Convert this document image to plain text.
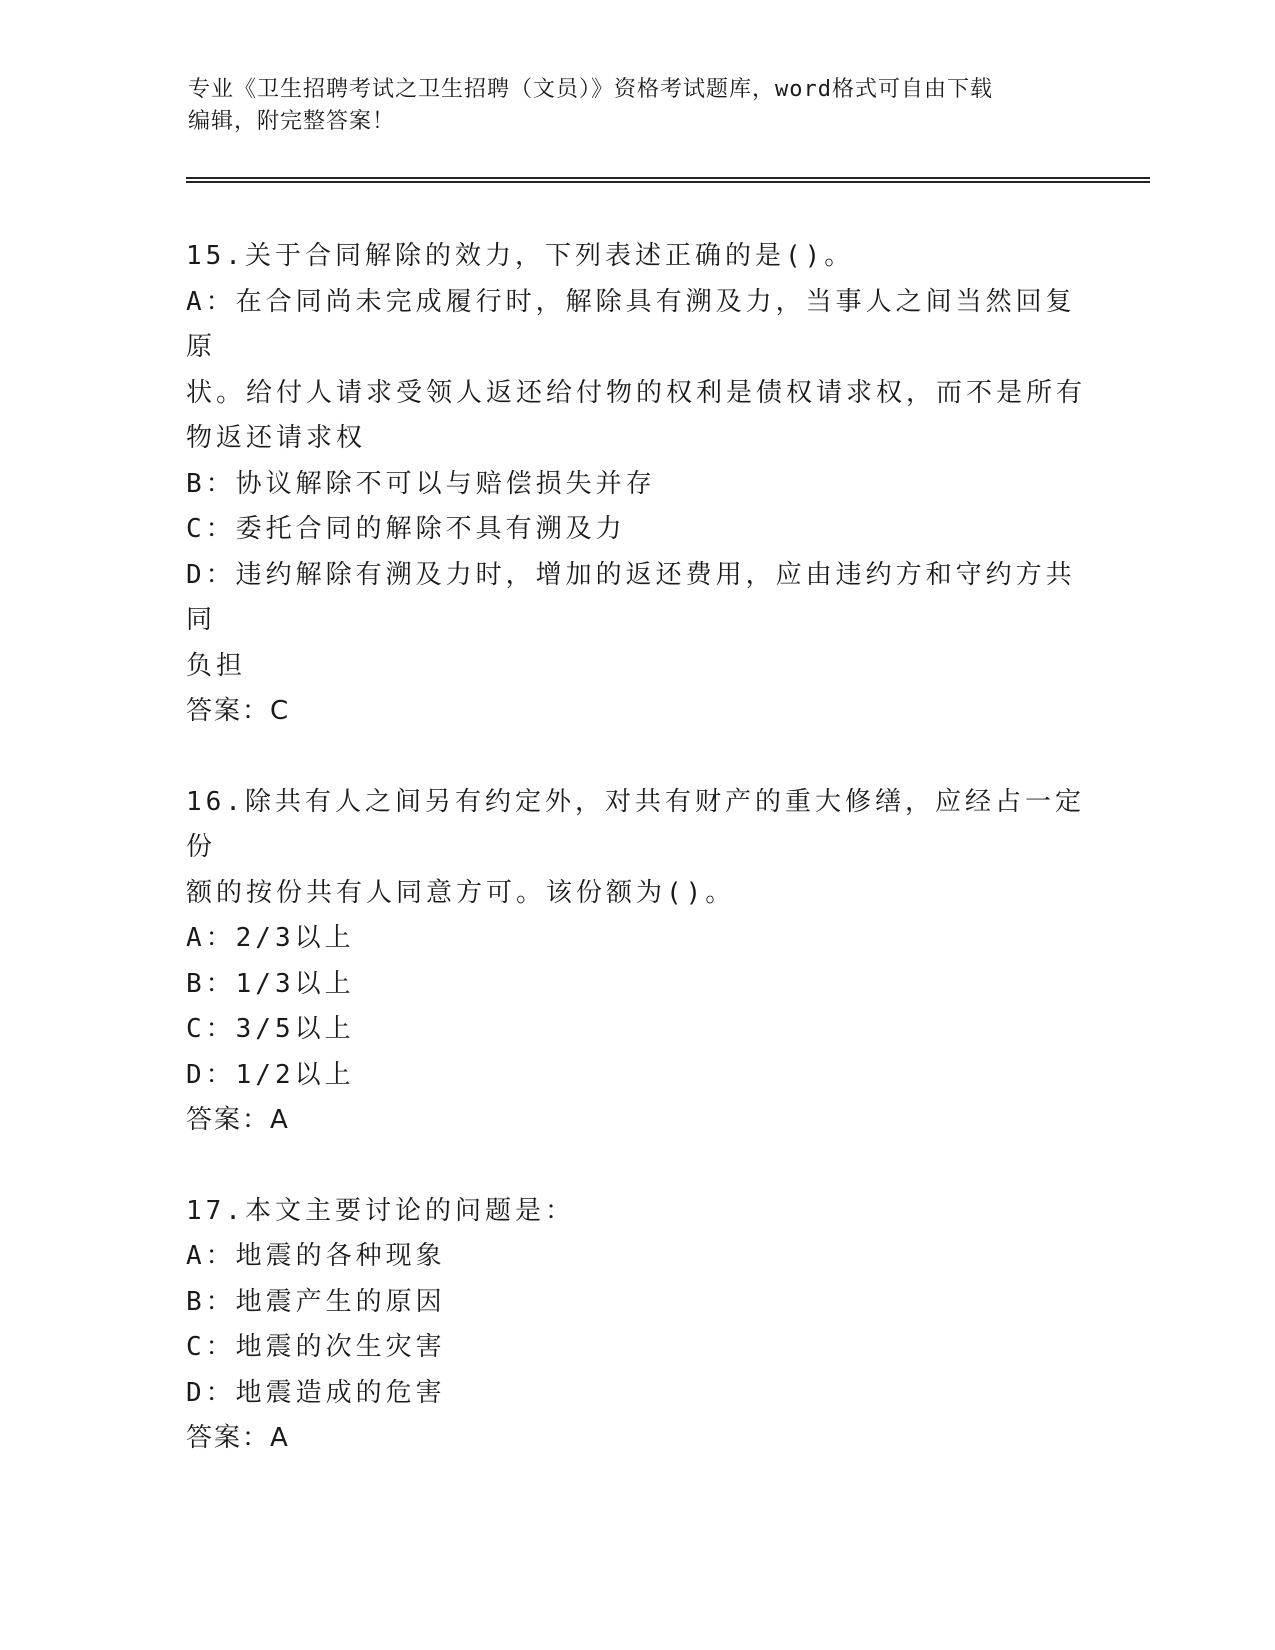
专业《卫生招聘考试之卫生招聘（文员）》资格考试题库，word格式可自由下载
编辑，附完整答案！
15.关于合同解除的效力，下列表述正确的是()。
A：在合同尚未完成履行时，解除具有溯及力，当事人之间当然回复原
状。给付人请求受领人返还给付物的权利是债权请求权，而不是所有
物返还请求权
B：协议解除不可以与赔偿损失并存
C：委托合同的解除不具有溯及力
D：违约解除有溯及力时，增加的返还费用，应由违约方和守约方共同
负担
答案：C
16.除共有人之间另有约定外，对共有财产的重大修缮，应经占一定份
额的按份共有人同意方可。该份额为()。
A：2/3以上
B：1/3以上
C：3/5以上
D：1/2以上
答案：A
17.本文主要讨论的问题是：
A：地震的各种现象
B：地震产生的原因
C：地震的次生灾害
D：地震造成的危害
答案：A
